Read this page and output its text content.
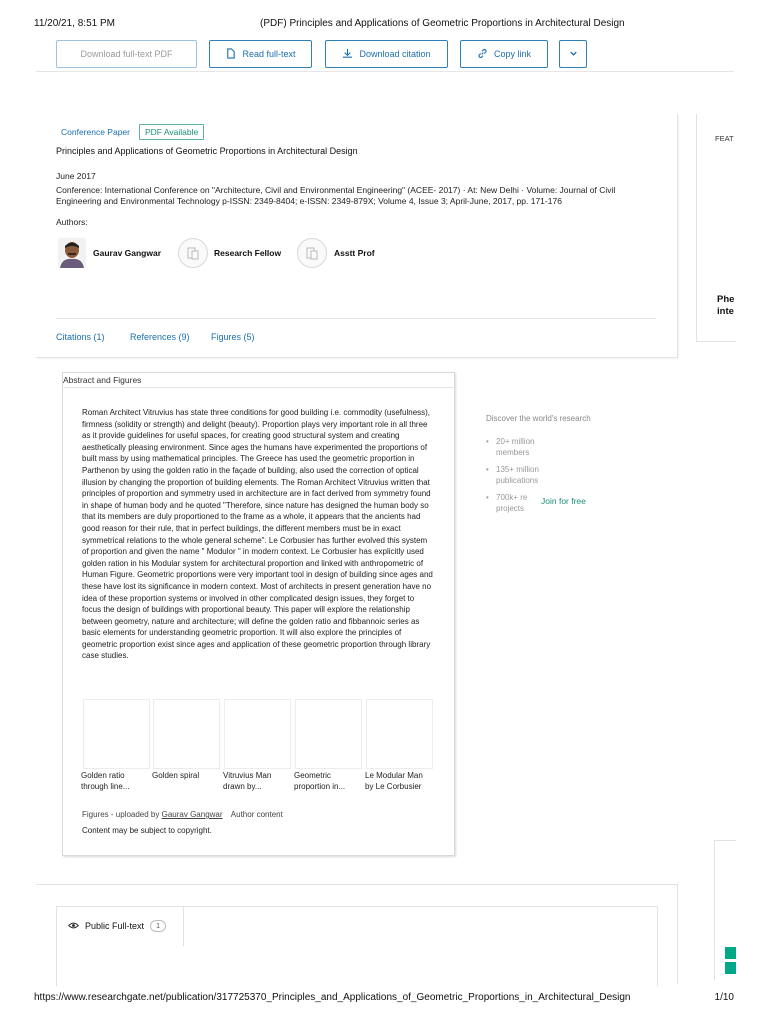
11/20/21, 8:51 PM	(PDF) Principles and Applications of Geometric Proportions in Architectural Design
Download full-text PDF	Read full-text	Download citation	Copy link
Conference Paper	PDF Available
Principles and Applications of Geometric Proportions in Architectural Design
June 2017
Conference: International Conference on "Architecture, Civil and Environmental Engineering" (ACEE- 2017) · At: New Delhi · Volume: Journal of Civil Engineering and Environmental Technology p-ISSN: 2349-8404; e-ISSN: 2349-879X; Volume 4, Issue 3; April-June, 2017, pp. 171-176
Authors:
Gaurav Gangwar	Research Fellow	Asstt Prof
Citations (1)	References (9) Figures (5)
FEAT
Phe
inte
Abstract and Figures
Roman Architect Vitruvius has state three conditions for good building i.e. commodity (usefulness), firmness (solidity or strength) and delight (beauty). Proportion plays very important role in all three as it provide guidelines for useful spaces, for creating good structural system and creating aesthetically pleasing environment. Since ages the humans have experimented the proportions of built mass by using mathematical principles. The Greece has used the geometric proportion in Parthenon by using the golden ratio in the façade of building, also used the correction of optical illusion by changing the proportion of building elements. The Roman Architect Vitruvius written that principles of proportion and symmetry used in architecture are in fact derived from symmetry found in shape of human body and he quoted "Therefore, since nature has designed the human body so that its members are duly proportioned to the frame as a whole, it appears that the ancients had good reason for their rule, that in perfect buildings, the different members must be in exact symmetrical relations to the whole general scheme". Le Corbusier has further evolved this system of proportion and given the name " Modulor " in modern context. Le Corbusier has explicitly used golden ration in his Modular system for architectural proportion and linked with anthropometric of Human Figure. Geometric proportions were very important tool in design of building since ages and these have lost its significance in modern context. Most of architects in present generation have no idea of these proportion systems or involved in other complicated design issues, they forget to focus the design of buildings with proportional beauty. This paper will explore the relationship between geometry, nature and architecture; will define the golden ratio and fibbannoic series as basic elements for understanding geometric proportion. It will also explore the principles of geometric proportion exist since ages and application of these geometric proportion through library case studies.
Golden ratio through line...
Golden spiral	Vitruvius Man drawn by...
Geometric proportion in...
Le Modular Man by Le Corbusier
Figures - uploaded by Gaurav Gangwar Author content
Content may be subject to copyright.
Discover the world's research
• 20+ million members
• 135+ million publications
• 700k+ re projects
Join for free
Public Full-text	1
https://www.researchgate.net/publication/317725370_Principles_and_Applications_of_Geometric_Proportions_in_Architectural_Design	1/10
